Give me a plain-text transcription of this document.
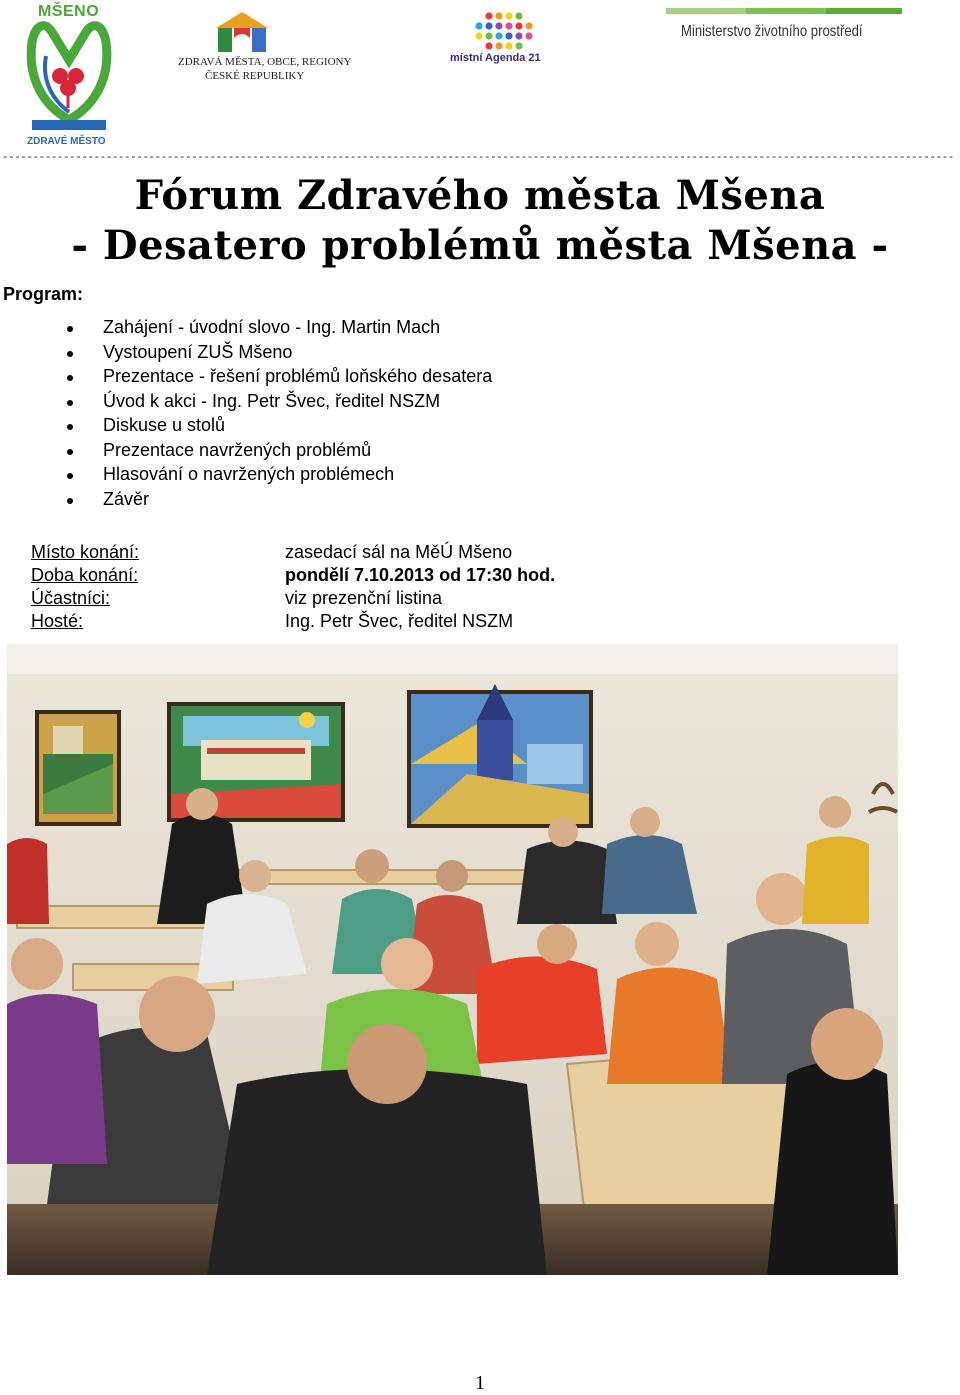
MŠENO
ZDRAVÉ MĚSTO
ZDRAVÁ MĚSTA, OBCE, REGIONY
ČESKÉ REPUBLIKY
místní Agenda 21
Ministerstvo životního prostředí
------------------------------------------------------------------------------------------------------------------------------------------------------------
Fórum Zdravého města Mšena
- Desatero problémů města Mšena -
Program:
Zahájení - úvodní slovo - Ing. Martin Mach
Vystoupení ZUŠ Mšeno
Prezentace - řešení problémů loňského desatera
Úvod k akci - Ing. Petr Švec, ředitel NSZM
Diskuse u stolů
Prezentace navržených problémů
Hlasování o navržených problémech
Závěr
Místo konání:	zasedací sál na MěÚ Mšeno
Doba konání:	pondělí 7.10.2013 od 17:30 hod.
Účastníci:	viz prezenční listina
Hosté:	Ing. Petr Švec, ředitel NSZM
1
